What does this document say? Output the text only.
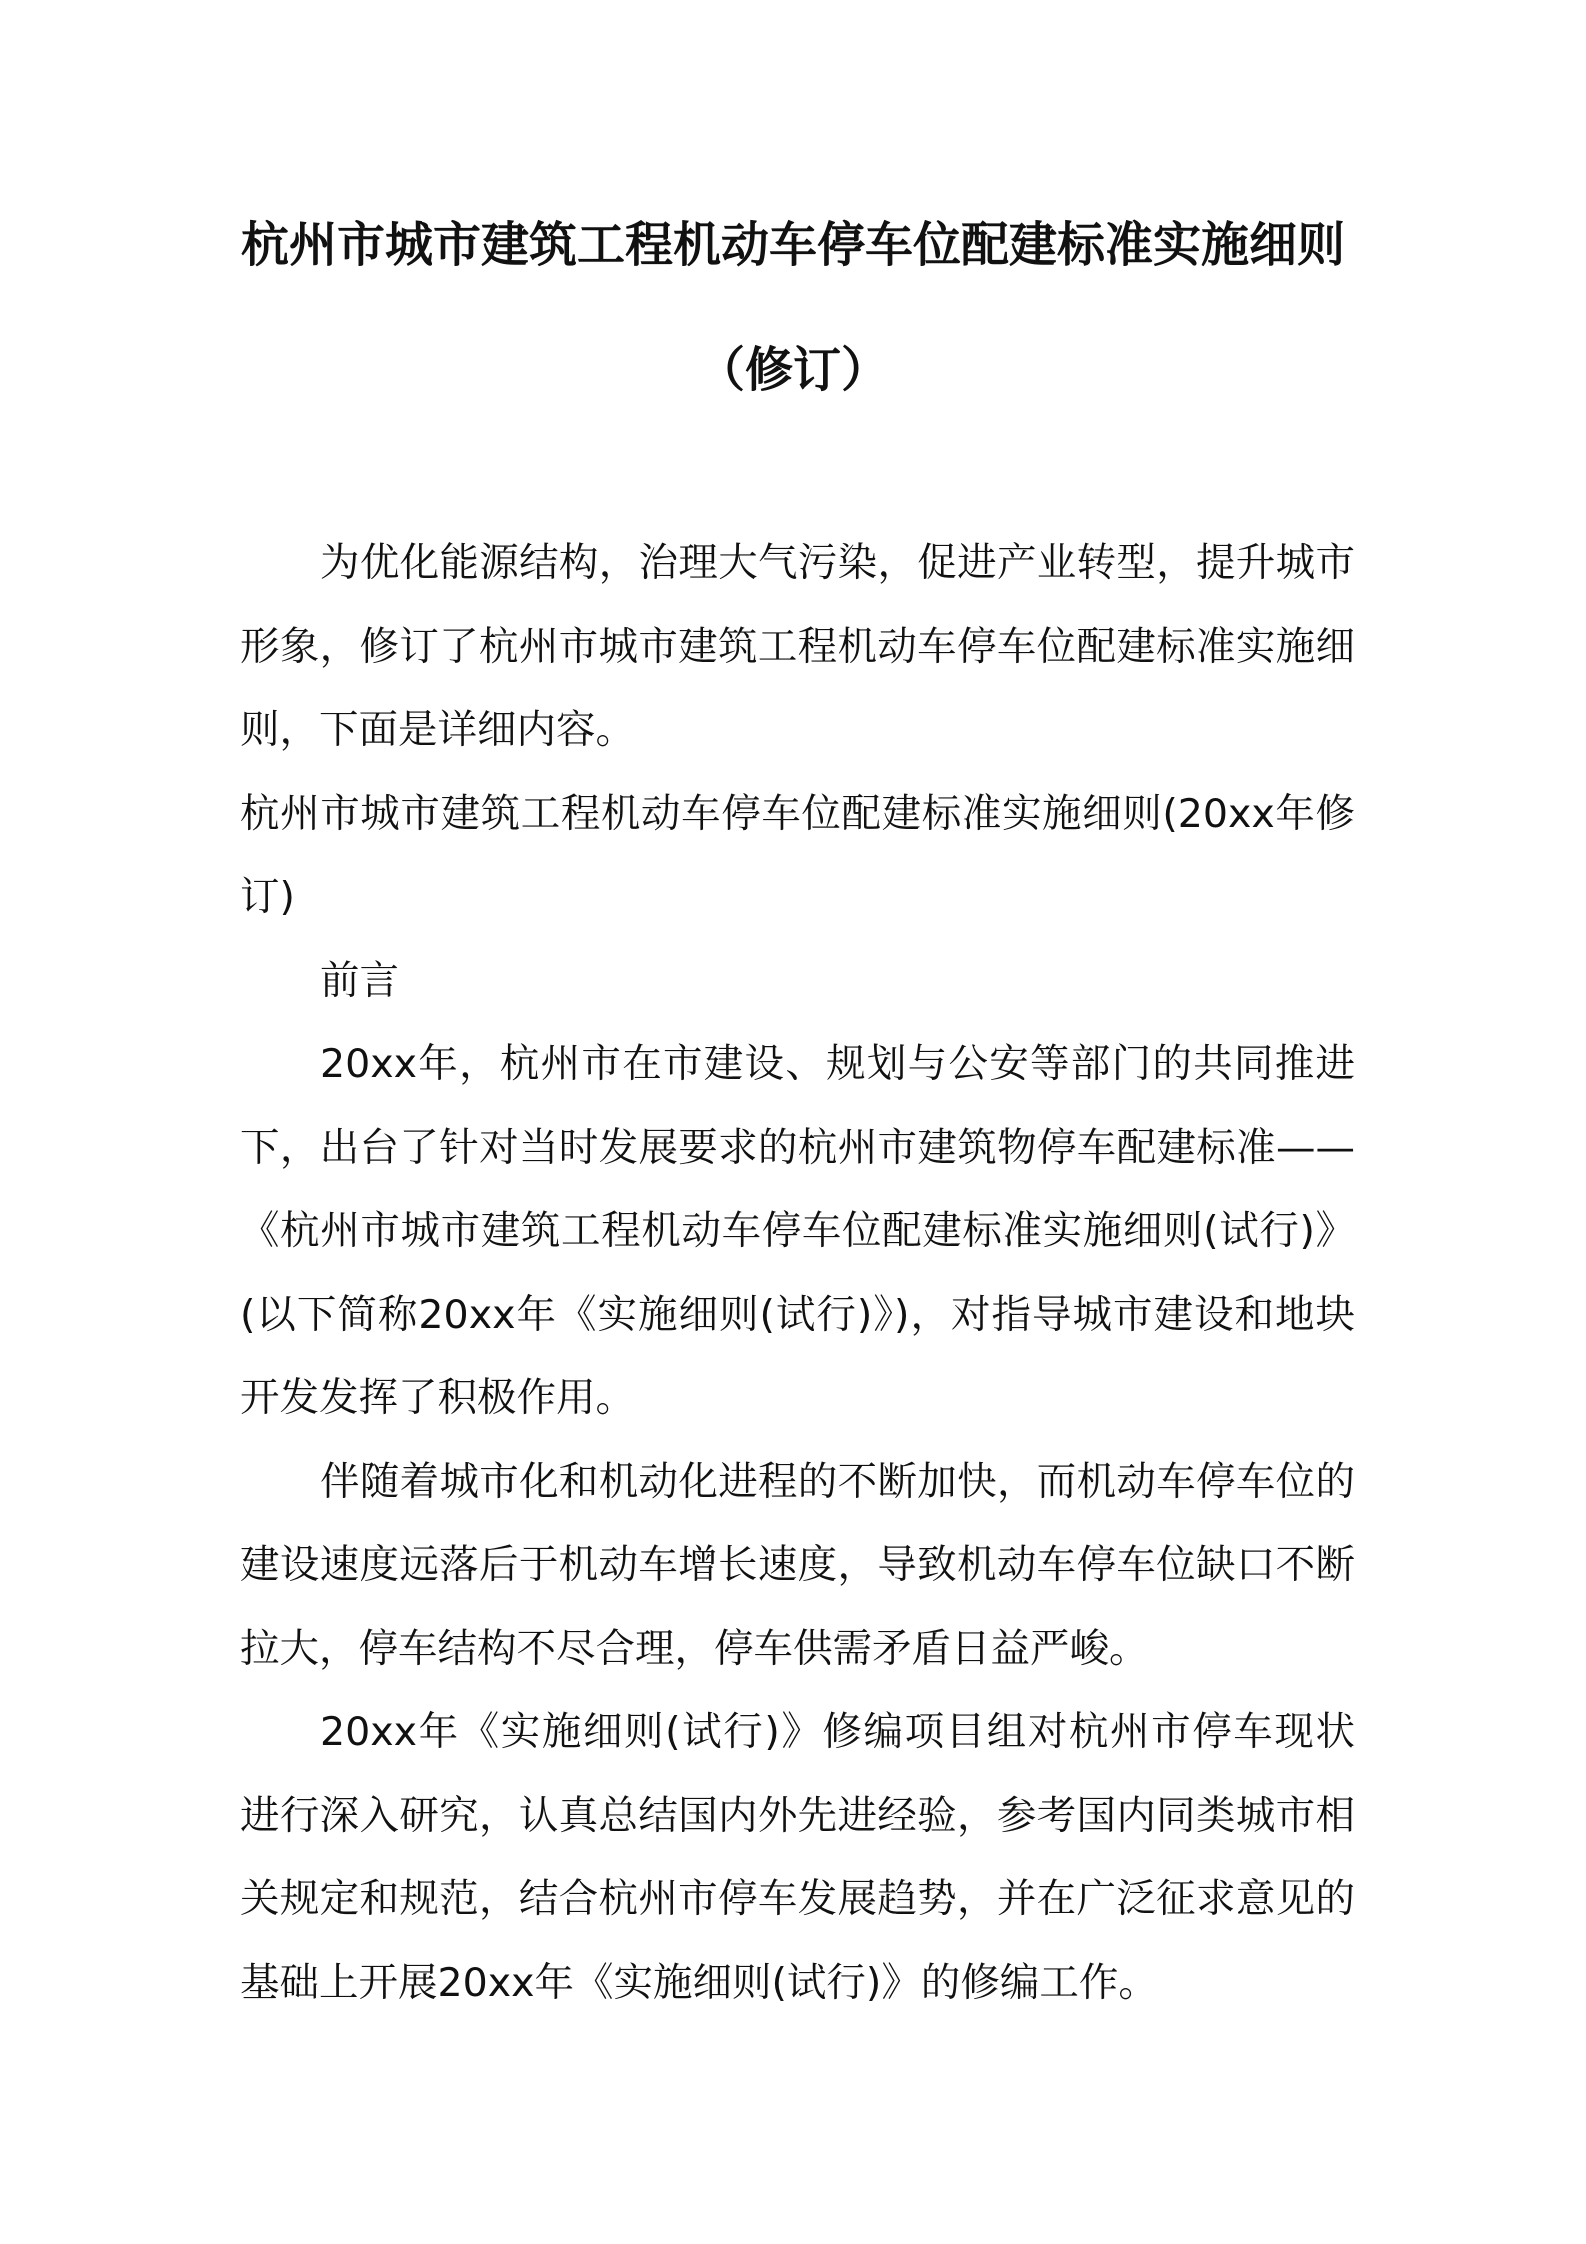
杭州市城市建筑工程机动车停车位配建标准实施细则
（修订）

为优化能源结构，治理大气污染，促进产业转型，提升城市形象，修订了杭州市城市建筑工程机动车停车位配建标准实施细则，下面是详细内容。

杭州市城市建筑工程机动车停车位配建标准实施细则(20xx年修订)

前言

20xx年，杭州市在市建设、规划与公安等部门的共同推进下，出台了针对当时发展要求的杭州市建筑物停车配建标准——《杭州市城市建筑工程机动车停车位配建标准实施细则(试行)》(以下简称20xx年《实施细则(试行)》)，对指导城市建设和地块开发发挥了积极作用。

伴随着城市化和机动化进程的不断加快，而机动车停车位的建设速度远落后于机动车增长速度，导致机动车停车位缺口不断拉大，停车结构不尽合理，停车供需矛盾日益严峻。

20xx年《实施细则(试行)》修编项目组对杭州市停车现状进行深入研究，认真总结国内外先进经验，参考国内同类城市相关规定和规范，结合杭州市停车发展趋势，并在广泛征求意见的基础上开展20xx年《实施细则(试行)》的修编工作。
